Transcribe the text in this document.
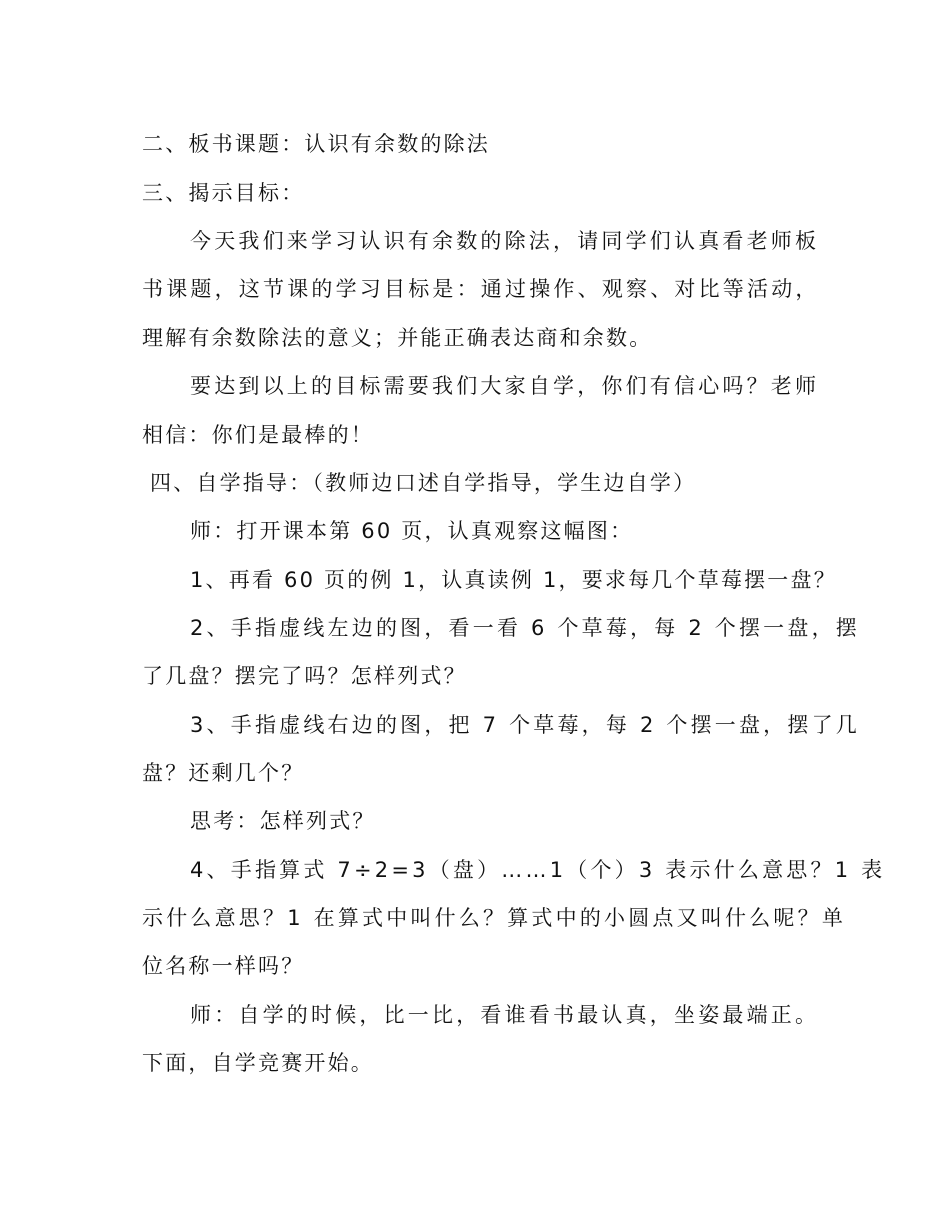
二、板书课题：认识有余数的除法
三、揭示目标：
今天我们来学习认识有余数的除法，请同学们认真看老师板
书课题，这节课的学习目标是：通过操作、观察、对比等活动，
理解有余数除法的意义；并能正确表达商和余数。
要达到以上的目标需要我们大家自学，你们有信心吗？老师
相信：你们是最棒的！
四、自学指导：（教师边口述自学指导，学生边自学）
师：打开课本第 60 页，认真观察这幅图：
1、再看 60 页的例 1，认真读例 1，要求每几个草莓摆一盘？
2、手指虚线左边的图，看一看 6 个草莓，每 2 个摆一盘，摆
了几盘？摆完了吗？怎样列式？
3、手指虚线右边的图，把 7 个草莓，每 2 个摆一盘，摆了几
盘？还剩几个？
思考：怎样列式？
4、手指算式 7÷2=3（盘）……1（个）3 表示什么意思？1 表
示什么意思？1 在算式中叫什么？算式中的小圆点又叫什么呢？单
位名称一样吗？
师：自学的时候，比一比，看谁看书最认真，坐姿最端正。
下面，自学竞赛开始。
